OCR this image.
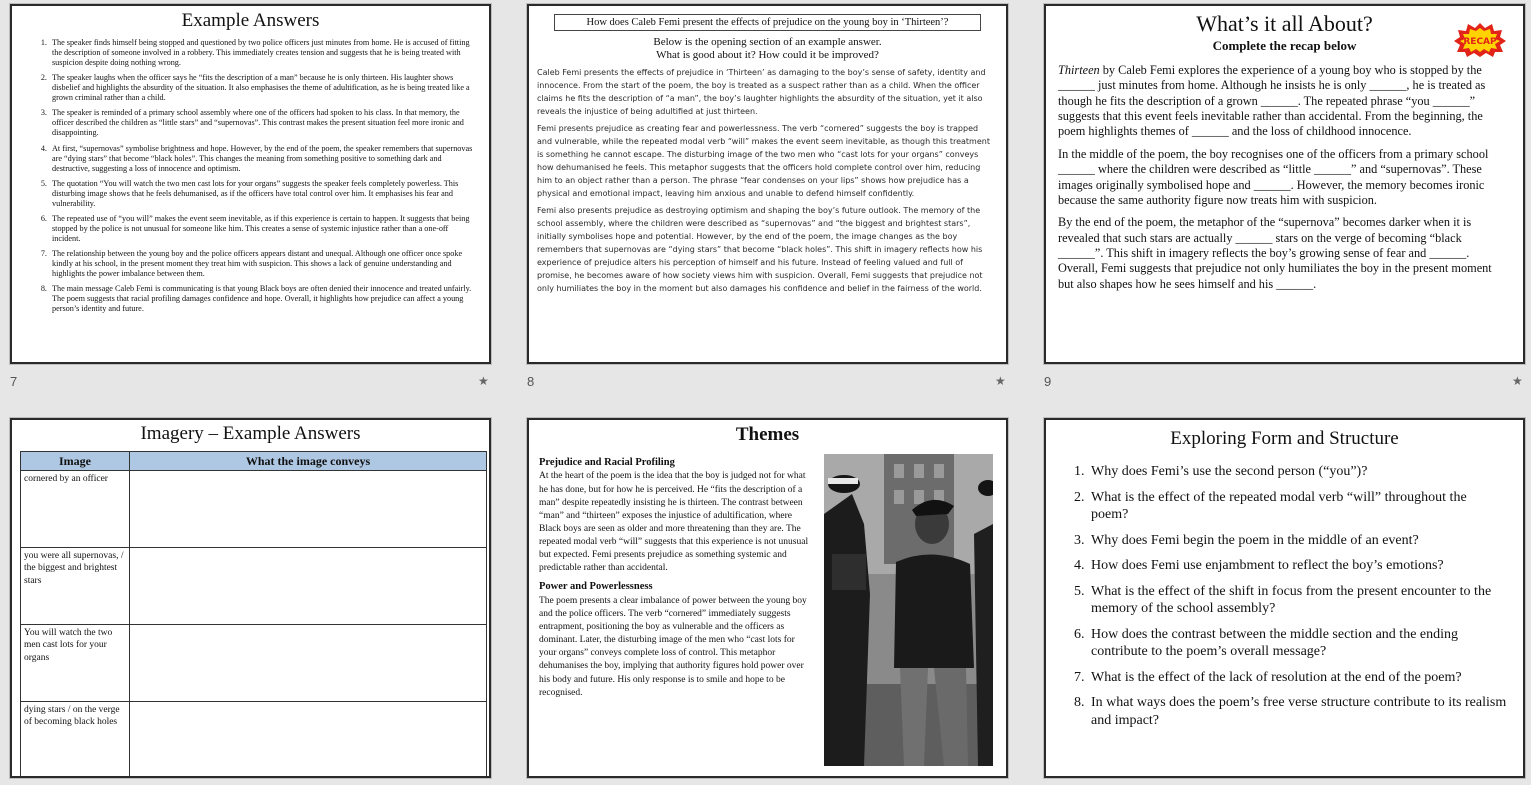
Example Answers
1. The speaker finds himself being stopped and questioned by two police officers just minutes from home. He is accused of fitting the description of someone involved in a robbery. This immediately creates tension and suggests that he is being treated with suspicion despite doing nothing wrong.
2. The speaker laughs when the officer says he “fits the description of a man” because he is only thirteen. His laughter shows disbelief and highlights the absurdity of the situation. It also emphasises the theme of adultification, as he is being treated like a grown criminal rather than a child.
3. The speaker is reminded of a primary school assembly where one of the officers had spoken to his class. In that memory, the officer described the children as “little stars” and “supernovas”. This contrast makes the present situation feel more ironic and disappointing.
4. At first, “supernovas” symbolise brightness and hope. However, by the end of the poem, the speaker remembers that supernovas are “dying stars” that become “black holes”. This changes the meaning from something positive to something dark and destructive, suggesting a loss of innocence and optimism.
5. The quotation “You will watch the two men cast lots for your organs” suggests the speaker feels completely powerless. This disturbing image shows that he feels dehumanised, as if the officers have total control over him. It emphasises his fear and vulnerability.
6. The repeated use of “you will” makes the event seem inevitable, as if this experience is certain to happen. It suggests that being stopped by the police is not unusual for someone like him. This creates a sense of systemic injustice rather than a one-off incident.
7. The relationship between the young boy and the police officers appears distant and unequal. Although one officer once spoke kindly at his school, in the present moment they treat him with suspicion. This shows a lack of genuine understanding and highlights the power imbalance between them.
8. The main message Caleb Femi is communicating is that young Black boys are often denied their innocence and treated unfairly. The poem suggests that racial profiling damages confidence and hope. Overall, it highlights how prejudice can affect a young person’s identity and future.
7	★
How does Caleb Femi present the effects of prejudice on the young boy in ‘Thirteen’?
Below is the opening section of an example answer.
What is good about it? How could it be improved?

Caleb Femi presents the effects of prejudice in ‘Thirteen’ as damaging to the boy’s sense of safety, identity and innocence. From the start of the poem, the boy is treated as a suspect rather than as a child. When the officer claims he fits the description of “a man”, the boy’s laughter highlights the absurdity of the situation, yet it also reveals the injustice of being adultified at just thirteen.

Femi presents prejudice as creating fear and powerlessness. The verb “cornered” suggests the boy is trapped and vulnerable, while the repeated modal verb “will” makes the event seem inevitable, as though this treatment is something he cannot escape. The disturbing image of the two men who “cast lots for your organs” conveys how dehumanised he feels. This metaphor suggests that the officers hold complete control over him, reducing him to an object rather than a person. The phrase “fear condenses on your lips” shows how prejudice has a physical and emotional impact, leaving him anxious and unable to defend himself confidently.

Femi also presents prejudice as destroying optimism and shaping the boy’s future outlook. The memory of the school assembly, where the children were described as “supernovas” and “the biggest and brightest stars”, initially symbolises hope and potential. However, by the end of the poem, the image changes as the boy remembers that supernovas are “dying stars” that become “black holes”. This shift in imagery reflects how his experience of prejudice alters his perception of himself and his future. Instead of feeling valued and full of promise, he becomes aware of how society views him with suspicion. Overall, Femi suggests that prejudice not only humiliates the boy in the moment but also damages his confidence and belief in the fairness of the world.

8	★
What’s it all About?
Complete the recap below	RECAP

Thirteen by Caleb Femi explores the experience of a young boy who is stopped by the ______ just minutes from home. Although he insists he is only ______, he is treated as though he fits the description of a grown ______. The repeated phrase “you ______” suggests that this event feels inevitable rather than accidental. From the beginning, the poem highlights themes of ______ and the loss of childhood innocence.

In the middle of the poem, the boy recognises one of the officers from a primary school ______ where the children were described as “little ______” and “supernovas”. These images originally symbolised hope and ______. However, the memory becomes ironic because the same authority figure now treats him with suspicion.

By the end of the poem, the metaphor of the “supernova” becomes darker when it is revealed that such stars are actually ______ stars on the verge of becoming “black ______”. This shift in imagery reflects the boy’s growing sense of fear and ______. Overall, Femi suggests that prejudice not only humiliates the boy in the present moment but also shapes how he sees himself and his ______.

9	★
Imagery – Example Answers
Image	What the image conveys
cornered by an officer	
you were all supernovas, / the biggest and brightest stars	
You will watch the two men cast lots for your organs	
dying stars / on the verge of becoming black holes	
Themes
Prejudice and Racial Profiling

At the heart of the poem is the idea that the boy is judged not for what he has done, but for how he is perceived. He “fits the description of a man” despite repeatedly insisting he is thirteen. The contrast between “man” and “thirteen” exposes the injustice of adultification, where Black boys are seen as older and more threatening than they are. The repeated modal verb “will” suggests that this experience is not unusual but expected. Femi presents prejudice as something systemic and predictable rather than accidental.

Power and Powerlessness

The poem presents a clear imbalance of power between the young boy and the police officers. The verb “cornered” immediately suggests entrapment, positioning the boy as vulnerable and the officers as dominant. Later, the disturbing image of the men who “cast lots for your organs” conveys complete loss of control. This metaphor dehumanises the boy, implying that authority figures hold power over his body and future. His only response is to smile and hope to be recognised.

Exploring Form and Structure
1. Why does Femi’s use the second person (“you”)?
2. What is the effect of the repeated modal verb “will” throughout the poem?
3. Why does Femi begin the poem in the middle of an event?
4. How does Femi use enjambment to reflect the boy’s emotions?
5. What is the effect of the shift in focus from the present encounter to the memory of the school assembly?
6. How does the contrast between the middle section and the ending contribute to the poem’s overall message?
7. What is the effect of the lack of resolution at the end of the poem?
8. In what ways does the poem’s free verse structure contribute to its realism and impact?
